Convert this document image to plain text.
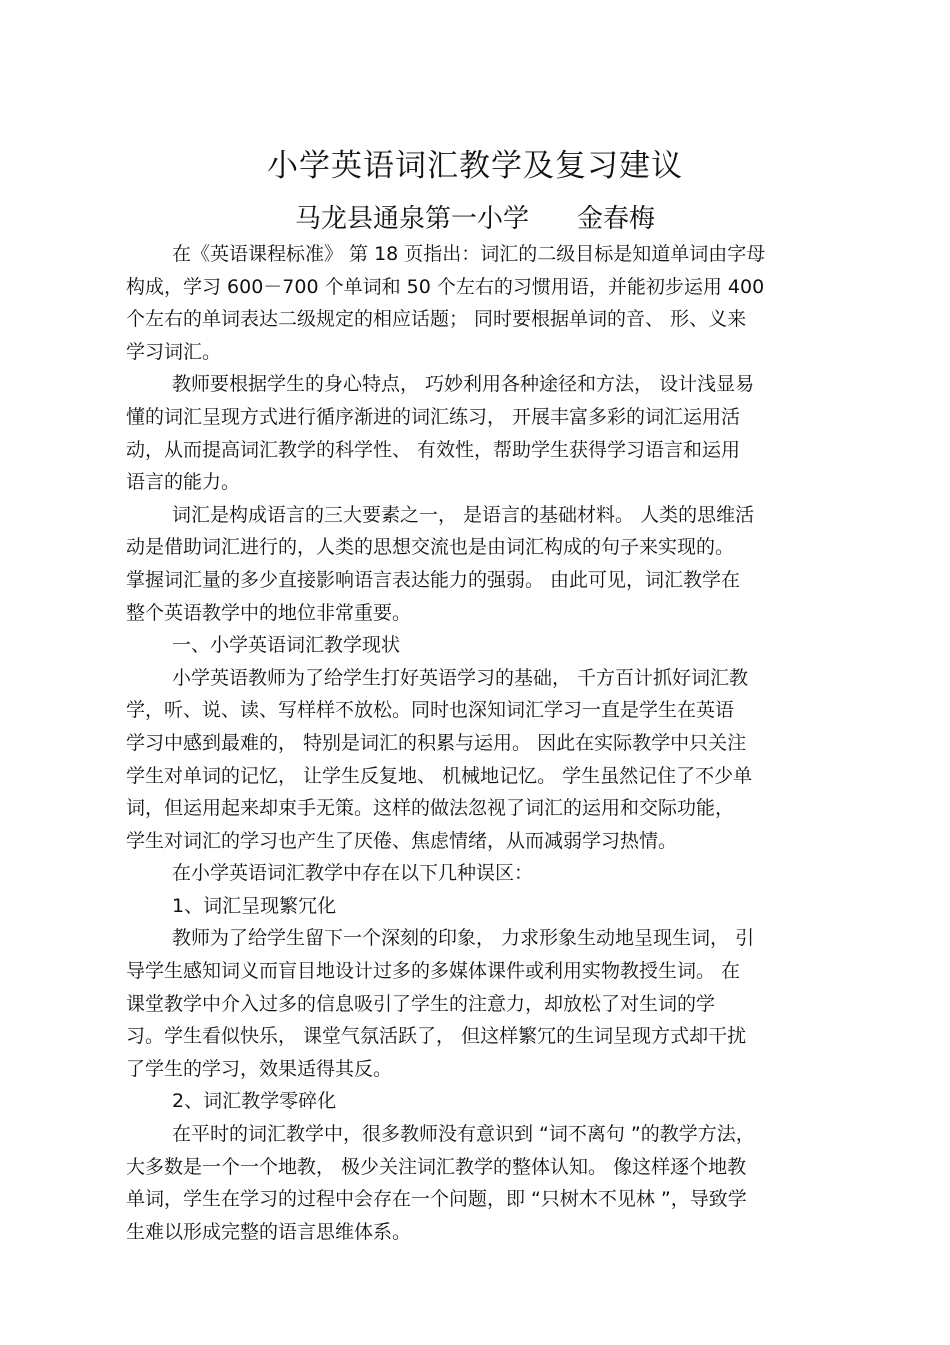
小学英语词汇教学及复习建议
马龙县通泉第一小学 金春梅
在《英语课程标准》 第 18 页指出：词汇的二级目标是知道单词由字母
构成，学习 600－700 个单词和 50 个左右的习惯用语，并能初步运用 400
个左右的单词表达二级规定的相应话题； 同时要根据单词的音、 形、义来
学习词汇。
教师要根据学生的身心特点， 巧妙利用各种途径和方法， 设计浅显易
懂的词汇呈现方式进行循序渐进的词汇练习， 开展丰富多彩的词汇运用活
动，从而提高词汇教学的科学性、 有效性，帮助学生获得学习语言和运用
语言的能力。
词汇是构成语言的三大要素之一， 是语言的基础材料。 人类的思维活
动是借助词汇进行的，人类的思想交流也是由词汇构成的句子来实现的。
掌握词汇量的多少直接影响语言表达能力的强弱。 由此可见，词汇教学在
整个英语教学中的地位非常重要。
一、小学英语词汇教学现状
小学英语教师为了给学生打好英语学习的基础， 千方百计抓好词汇教
学，听、说、读、写样样不放松。同时也深知词汇学习一直是学生在英语
学习中感到最难的， 特别是词汇的积累与运用。 因此在实际教学中只关注
学生对单词的记忆， 让学生反复地、 机械地记忆。 学生虽然记住了不少单
词，但运用起来却束手无策。这样的做法忽视了词汇的运用和交际功能，
学生对词汇的学习也产生了厌倦、焦虑情绪，从而减弱学习热情。
在小学英语词汇教学中存在以下几种误区：
1、词汇呈现繁冗化
教师为了给学生留下一个深刻的印象， 力求形象生动地呈现生词， 引
导学生感知词义而盲目地设计过多的多媒体课件或利用实物教授生词。 在
课堂教学中介入过多的信息吸引了学生的注意力，却放松了对生词的学
习。学生看似快乐， 课堂气氛活跃了， 但这样繁冗的生词呈现方式却干扰
了学生的学习，效果适得其反。
2、词汇教学零碎化
在平时的词汇教学中，很多教师没有意识到 “词不离句 ”的教学方法，
大多数是一个一个地教， 极少关注词汇教学的整体认知。 像这样逐个地教
单词，学生在学习的过程中会存在一个问题，即 “只树木不见林 ”，导致学
生难以形成完整的语言思维体系。
